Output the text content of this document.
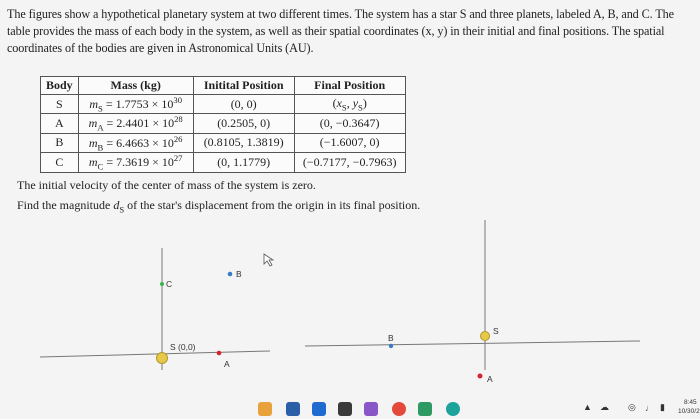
The figures show a hypothetical planetary system at two different times. The system has a star S and three planets, labeled A, B, and C. The table provides the mass of each body in the system, as well as their spatial coordinates (x, y) in their initial and final positions. The spatial coordinates of the bodies are given in Astronomical Units (AU).
Body	Mass (kg)	Initital Position	Final Position
S	$m_S = 1.7753 \times 10^{30}$	(0, 0)	($x_S$, $y_S$)
A	$m_A = 2.4401 \times 10^{28}$	(0.2505, 0)	(0, −0.3647)
B	$m_B = 6.4663 \times 10^{26}$	(0.8105, 1.3819)	(−1.6007, 0)
C	$m_C = 7.3619 \times 10^{27}$	(0, 1.1779)	(−0.7177, −0.7963)
The initial velocity of the center of mass of the system is zero.
Find the magnitude $d_S$ of the star's displacement from the origin in its final position.
C
B
S (0,0)
A
S
B
A
▲ ☁ ◎ ♩ ▮	8:45
10/30/2
